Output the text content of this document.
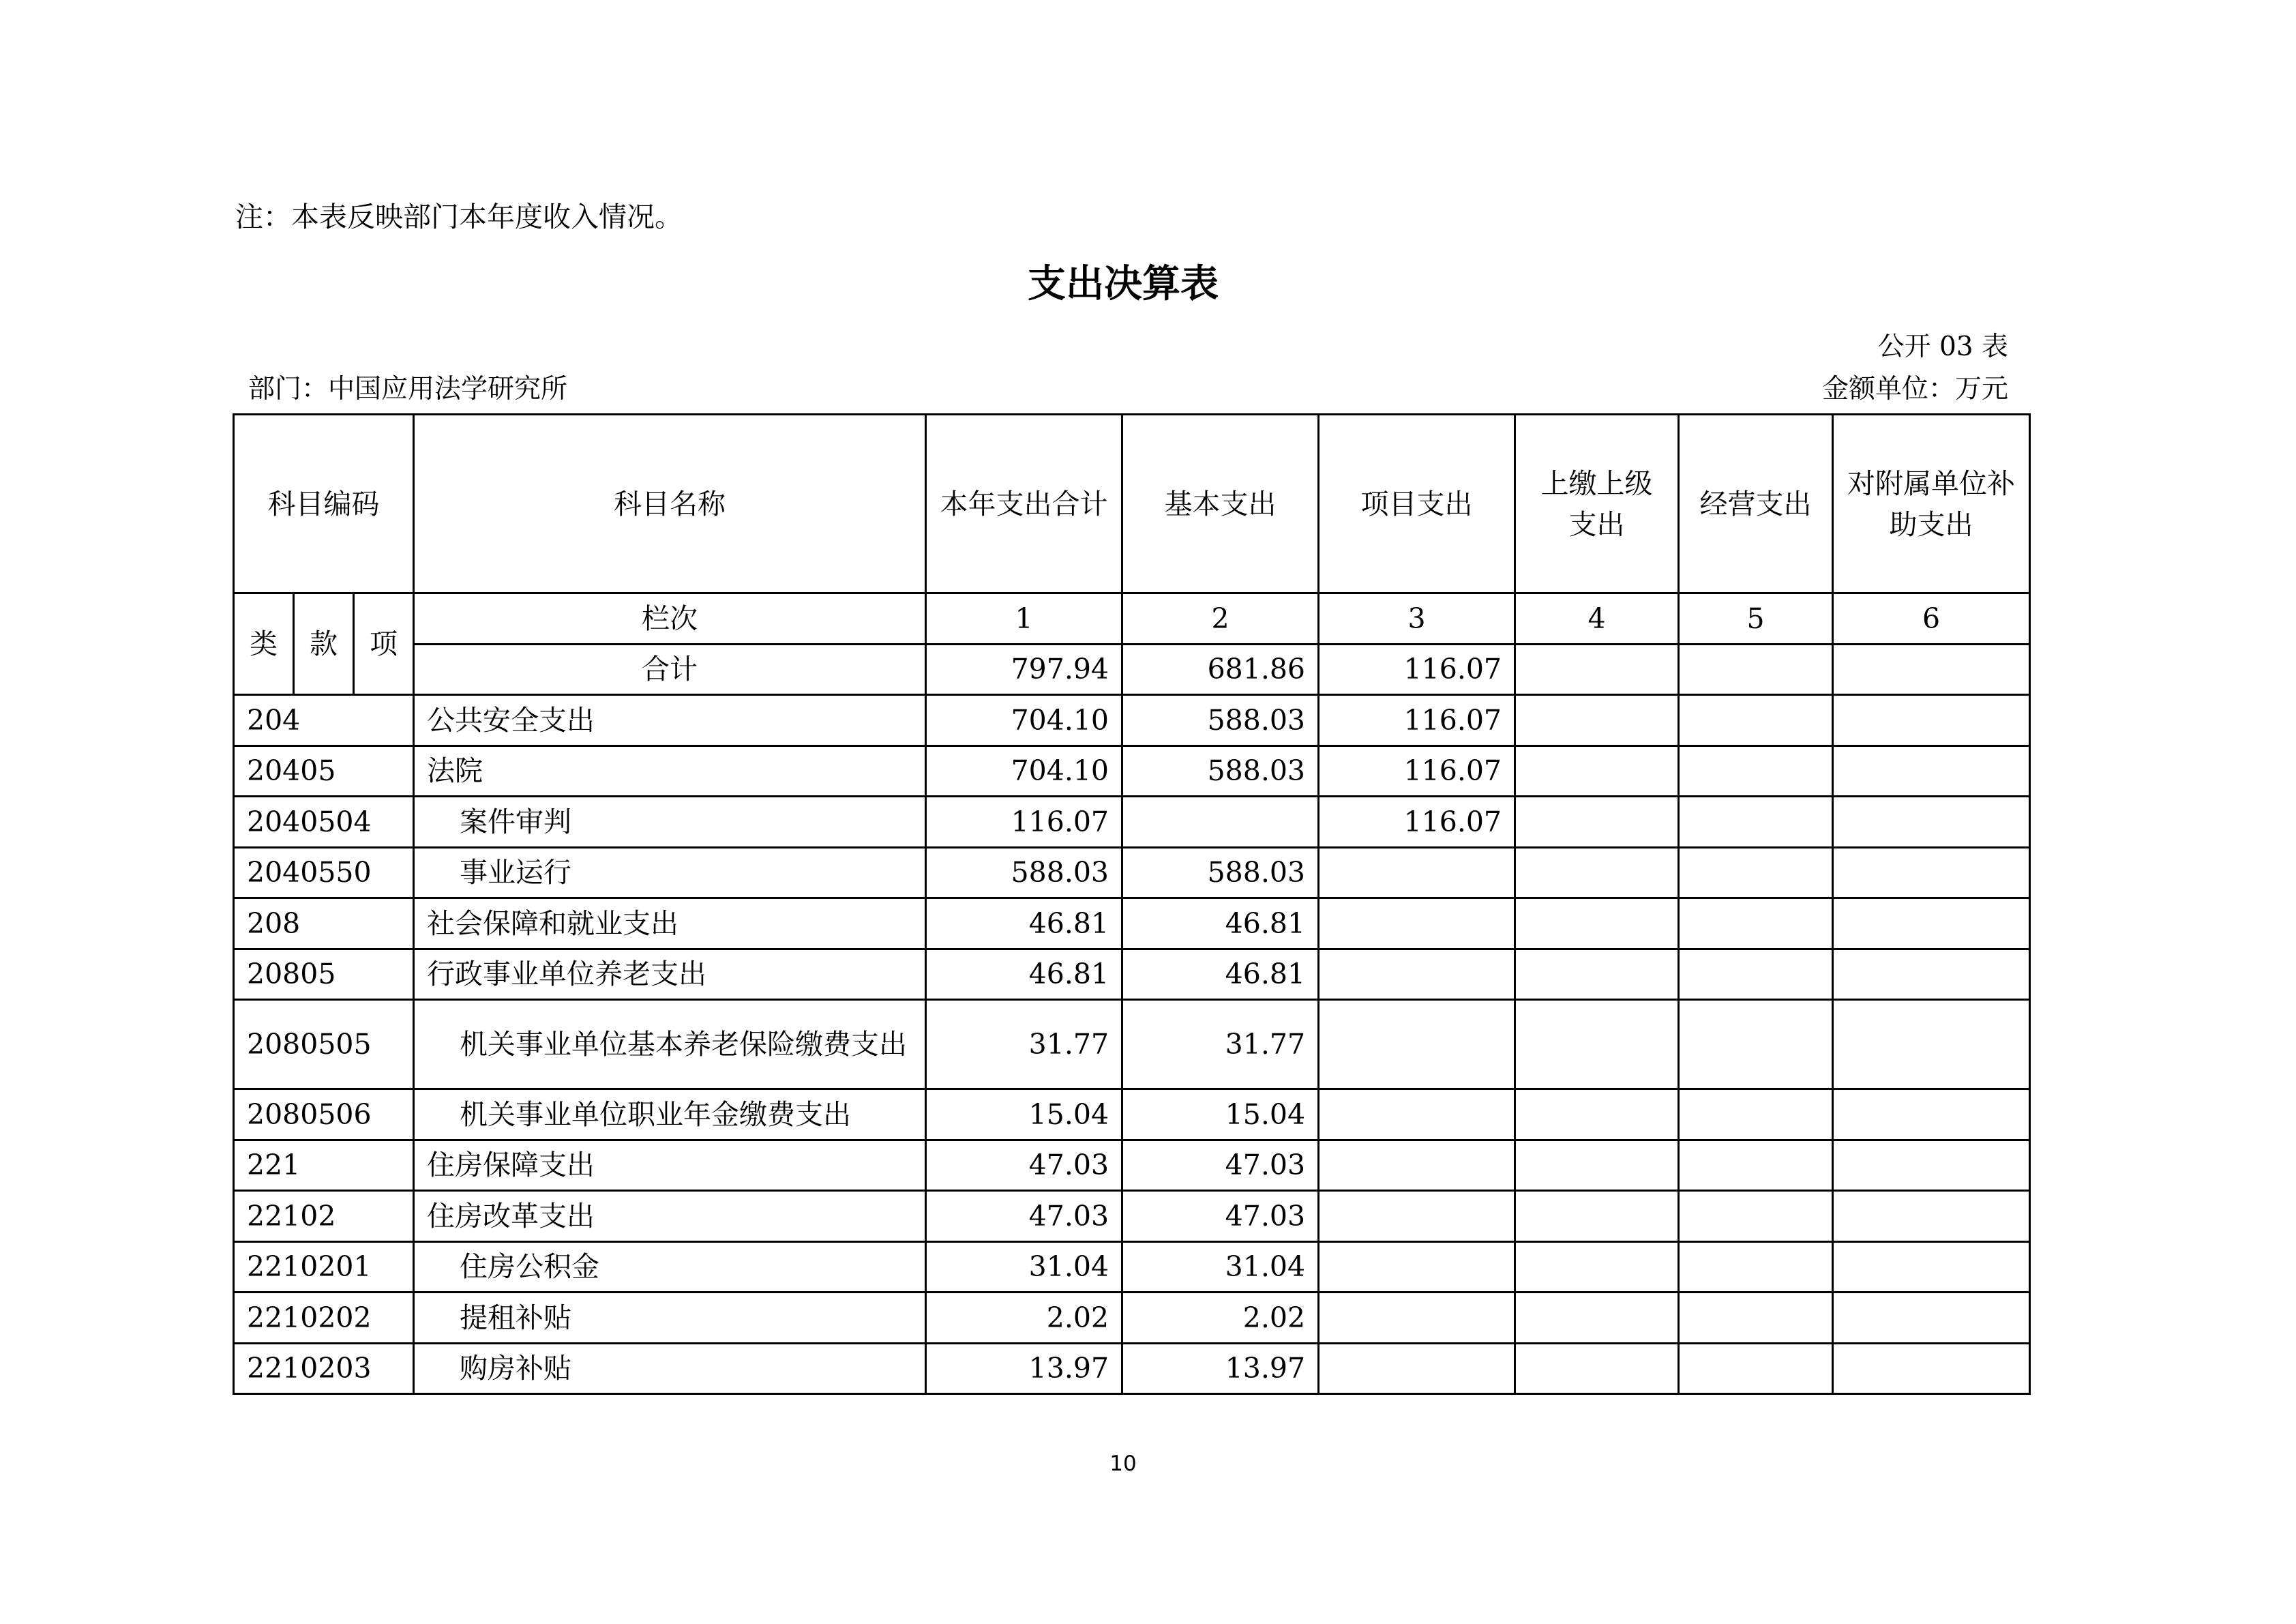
注：本表反映部门本年度收入情况。
支出决算表
公开 03 表
部门：中国应用法学研究所	金额单位：万元
科目编码			科目名称	本年支出合计	基本支出	项目支出	上缴上级支出	经营支出	对附属单位补助支出
类	款	项	栏次	1	2	3	4	5	6
			合计	797.94	681.86	116.07			
204			公共安全支出	704.10	588.03	116.07			
20405			法院	704.10	588.03	116.07			
2040504			案件审判	116.07		116.07			
2040550			事业运行	588.03	588.03				
208			社会保障和就业支出	46.81	46.81				
20805			行政事业单位养老支出	46.81	46.81				
2080505			机关事业单位基本养老保险缴费支出	31.77	31.77				
2080506			机关事业单位职业年金缴费支出	15.04	15.04				
221			住房保障支出	47.03	47.03				
22102			住房改革支出	47.03	47.03				
2210201			住房公积金	31.04	31.04				
2210202			提租补贴	2.02	2.02				
2210203			购房补贴	13.97	13.97				
10
